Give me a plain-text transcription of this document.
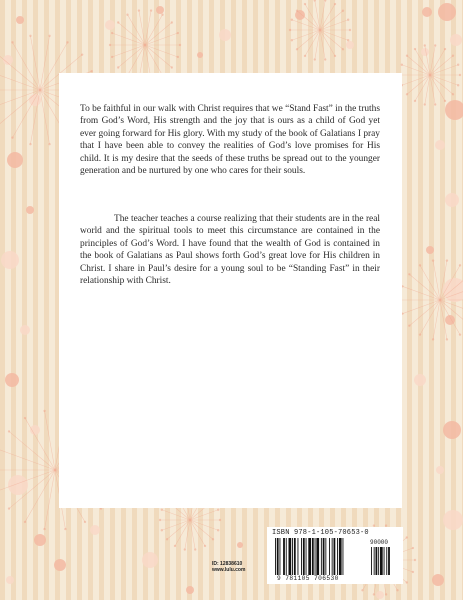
To be faithful in our walk with Christ requires that we “Stand Fast” in the truths from God’s Word, His strength and the joy that is ours as a child of God yet ever going forward for His glory. With my study of the book of Galatians I pray that I have been able to convey the realities of God’s love promises for His child. It is my desire that the seeds of these truths be spread out to the younger generation and be nurtured by one who cares for their souls.

The teacher teaches a course realizing that their students are in the real world and the spiritual tools to meet this circumstance are contained in the principles of God’s Word. I have found that the wealth of God is contained in the book of Galatians as Paul shows forth God’s great love for His children in Christ. I share in Paul’s desire for a young soul to be “Standing Fast” in their relationship with Christ.

ID: 12838610
www.lulu.com
ISBN 978-1-105-70653-0
90000
9 781105 706530
